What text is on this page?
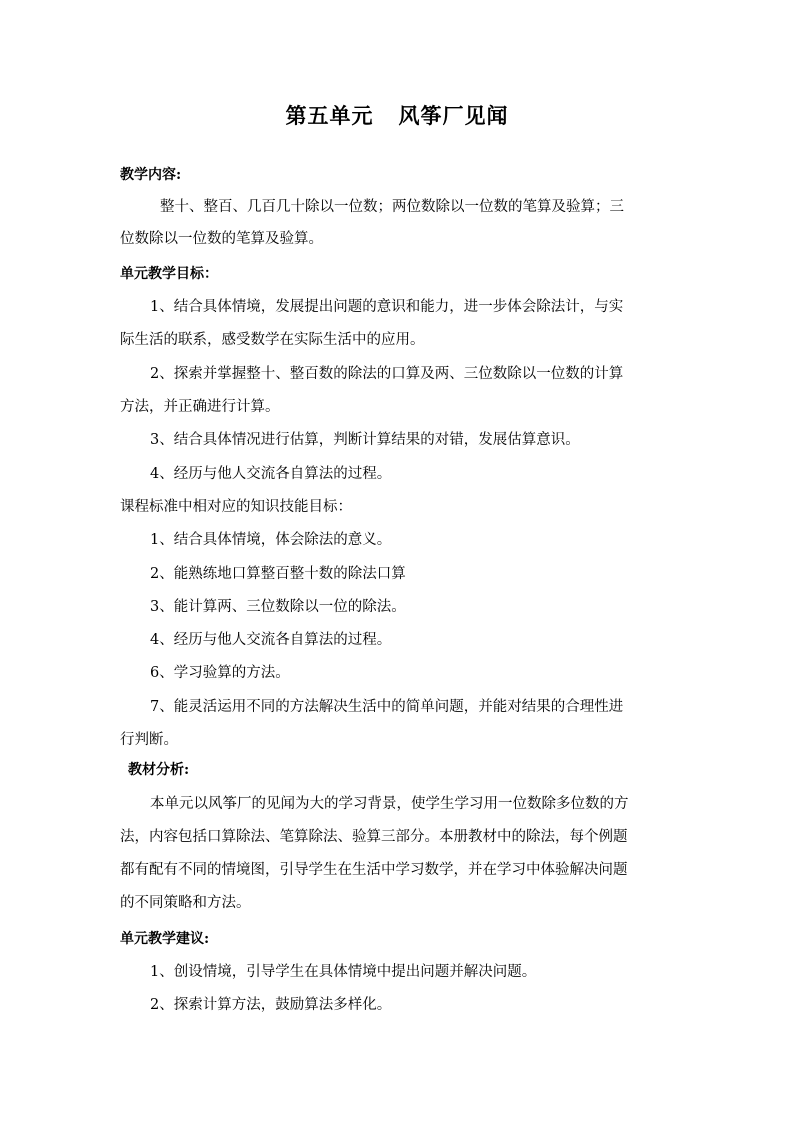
第五单元   风筝厂见闻
教学内容:
整十、整百、几百几十除以一位数；两位数除以一位数的笔算及验算；三
位数除以一位数的笔算及验算。
单元教学目标：
1、结合具体情境，发展提出问题的意识和能力，进一步体会除法计，与实
际生活的联系，感受数学在实际生活中的应用。
2、探索并掌握整十、整百数的除法的口算及两、三位数除以一位数的计算
方法，并正确进行计算。
3、结合具体情况进行估算，判断计算结果的对错，发展估算意识。
4、经历与他人交流各自算法的过程。
课程标准中相对应的知识技能目标：
1、结合具体情境，体会除法的意义。
2、能熟练地口算整百整十数的除法口算
3、能计算两、三位数除以一位的除法。
4、经历与他人交流各自算法的过程。
6、学习验算的方法。
7、能灵活运用不同的方法解决生活中的简单问题，并能对结果的合理性进
行判断。
教材分析:
本单元以风筝厂的见闻为大的学习背景，使学生学习用一位数除多位数的方
法，内容包括口算除法、笔算除法、验算三部分。本册教材中的除法，每个例题
都有配有不同的情境图，引导学生在生活中学习数学，并在学习中体验解决问题
的不同策略和方法。
单元教学建议:
1、创设情境，引导学生在具体情境中提出问题并解决问题。
2、探索计算方法，鼓励算法多样化。
